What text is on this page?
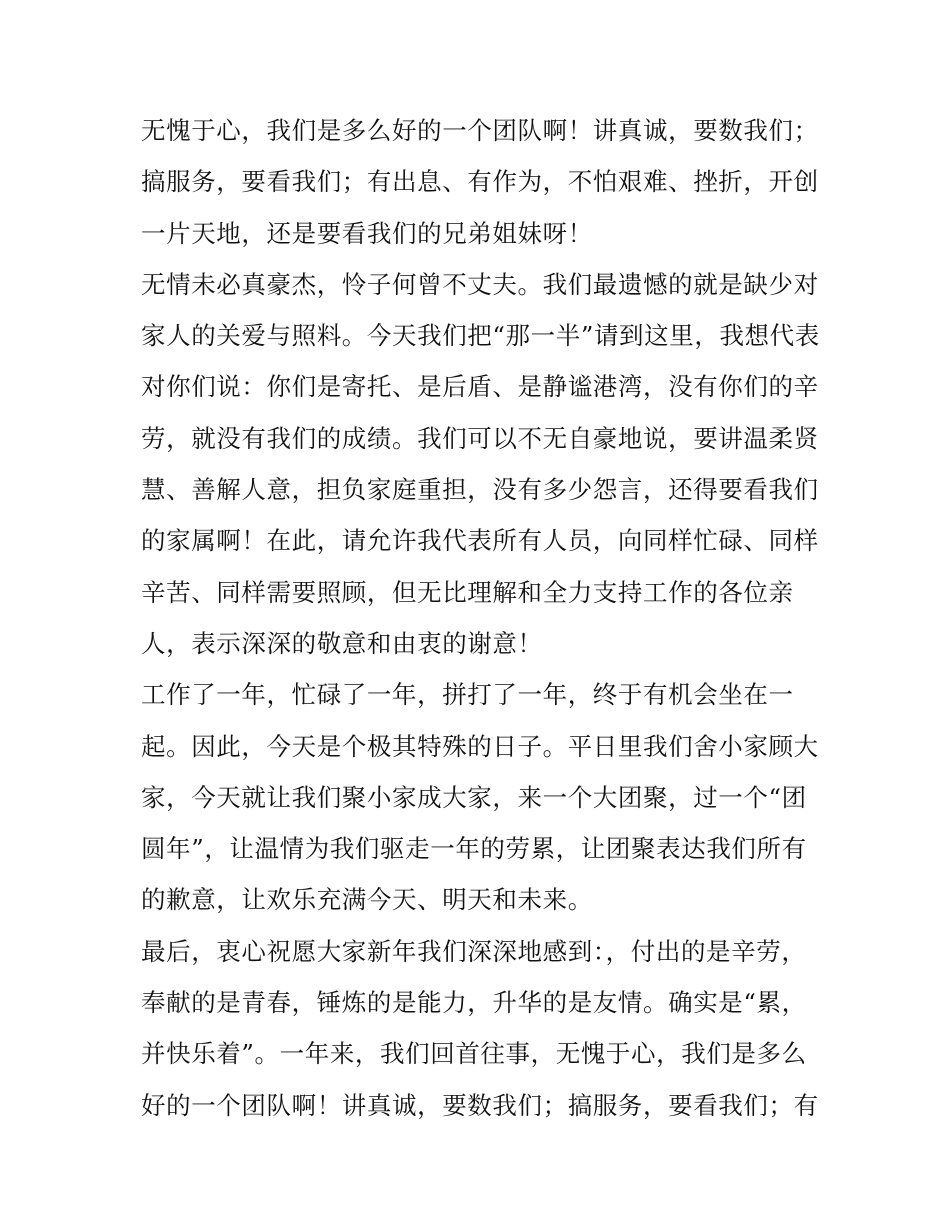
无愧于心，我们是多么好的一个团队啊！讲真诚，要数我们；
搞服务，要看我们；有出息、有作为，不怕艰难、挫折，开创
一片天地，还是要看我们的兄弟姐妹呀！
无情未必真豪杰，怜子何曾不丈夫。我们最遗憾的就是缺少对
家人的关爱与照料。今天我们把“那一半”请到这里，我想代表
对你们说：你们是寄托、是后盾、是静谧港湾，没有你们的辛
劳，就没有我们的成绩。我们可以不无自豪地说，要讲温柔贤
慧、善解人意，担负家庭重担，没有多少怨言，还得要看我们
的家属啊！在此，请允许我代表所有人员，向同样忙碌、同样
辛苦、同样需要照顾，但无比理解和全力支持工作的各位亲
人，表示深深的敬意和由衷的谢意！
工作了一年，忙碌了一年，拼打了一年，终于有机会坐在一
起。因此，今天是个极其特殊的日子。平日里我们舍小家顾大
家，今天就让我们聚小家成大家，来一个大团聚，过一个“团
圆年”，让温情为我们驱走一年的劳累，让团聚表达我们所有
的歉意，让欢乐充满今天、明天和未来。
最后，衷心祝愿大家新年我们深深地感到：，付出的是辛劳，
奉献的是青春，锤炼的是能力，升华的是友情。确实是“累，
并快乐着”。一年来，我们回首往事，无愧于心，我们是多么
好的一个团队啊！讲真诚，要数我们；搞服务，要看我们；有
